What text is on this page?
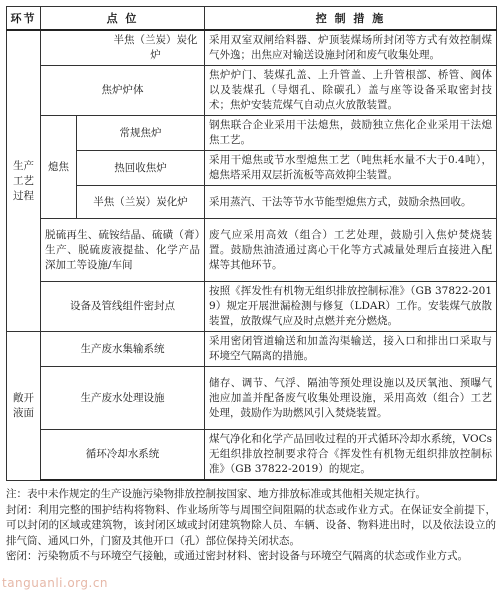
环节	点 位		控 制 措 施
生产工艺过程	半焦（兰炭）炭化炉		采用双室双闸给料器、炉顶装煤场所封闭等方式有效控制煤气外逸；出焦应对输送设施封闭和废气收集处理。
	焦炉炉体		焦炉炉门、装煤孔盖、上升管盖、上升管根部、桥管、阀体以及装煤孔（导烟孔、除碳孔）盖与座等设备采取密封技术；焦炉安装荒煤气自动点火放散装置。
	熄焦	常规焦炉	钢焦联合企业采用干法熄焦，鼓励独立焦化企业采用干法熄焦工艺。
		热回收焦炉	采用干熄焦或节水型熄焦工艺（吨焦耗水量不大于0.4吨），熄焦塔采用双层折流板等高效抑尘装置。
		半焦（兰炭）炭化炉	采用蒸汽、干法等节水节能型熄焦方式，鼓励余热回收。
	脱硫再生、硫铵结晶、硫磺（膏）生产、脱硫废液提盐、化学产品深加工等设施/车间		废气应采用高效（组合）工艺处理，鼓励引入焦炉焚烧装置。鼓励焦油渣通过离心干化等方式减量处理后直接进入配煤等其他环节。
	设备及管线组件密封点		按照《挥发性有机物无组织排放控制标准》（GB 37822-2019）规定开展泄漏检测与修复（LDAR）工作。安装煤气放散装置，放散煤气应及时点燃并充分燃烧。
敞开液面	生产废水集输系统		采用密闭管道输送和加盖沟渠输送，接入口和排出口采取与环境空气隔离的措施。
	生产废水处理设施		储存、调节、气浮、隔油等预处理设施以及厌氧池、预曝气池应加盖并配备废气收集处理设施，采用高效（组合）工艺处理，鼓励作为助燃风引入焚烧装置。
	循环冷却水系统		煤气净化和化学产品回收过程的开式循环冷却水系统，VOCs无组织排放控制要求符合《挥发性有机物无组织排放控制标准》（GB 37822-2019）的规定。

注：表中未作规定的生产设施污染物排放控制按国家、地方排放标准或其他相关规定执行。

封闭：利用完整的围护结构将物料、作业场所等与周围空间阻隔的状态或作业方式。在保证安全前提下，可以封闭的区域或建筑物，该封闭区域或封闭建筑物除人员、车辆、设备、物料进出时，以及依法设立的排气筒、通风口外，门窗及其他开口（孔）部位保持关闭状态。

密闭：污染物质不与环境空气接触，或通过密封材料、密封设备与环境空气隔离的状态或作业方式。

tanguanli.org.cn
